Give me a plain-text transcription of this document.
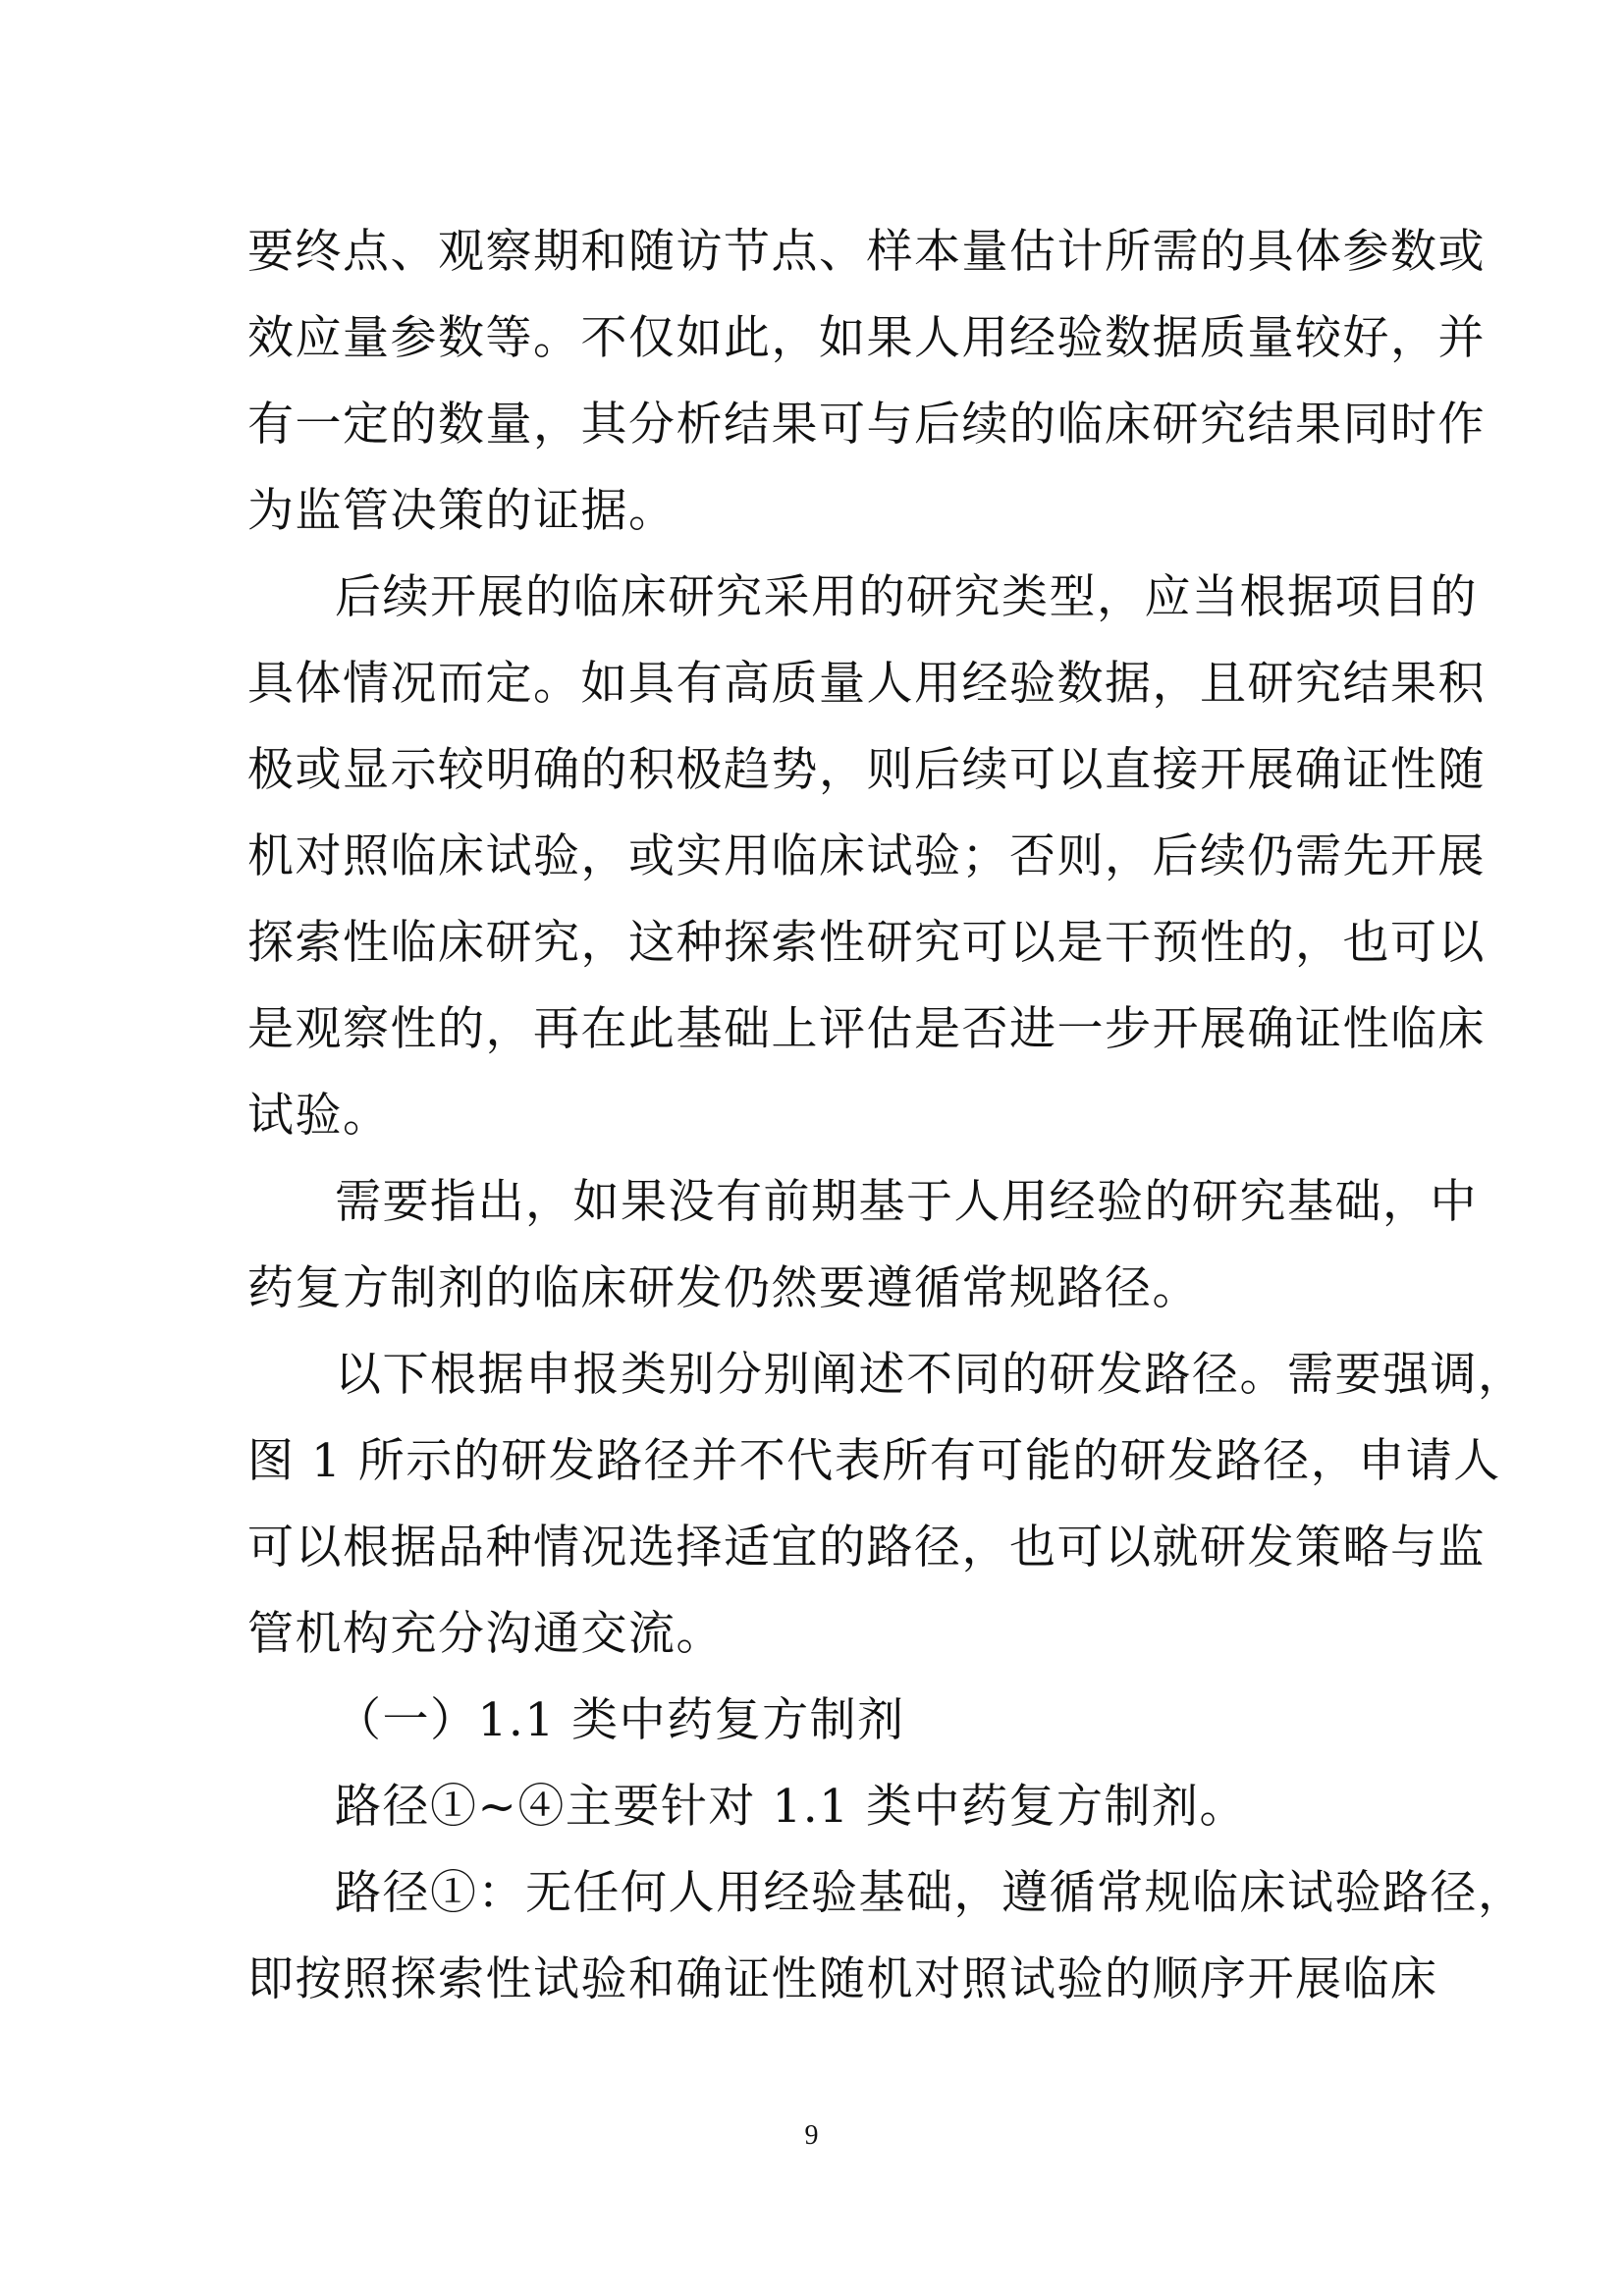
要终点、观察期和随访节点、样本量估计所需的具体参数或
效应量参数等。不仅如此，如果人用经验数据质量较好，并
有一定的数量，其分析结果可与后续的临床研究结果同时作
为监管决策的证据。
后续开展的临床研究采用的研究类型，应当根据项目的
具体情况而定。如具有高质量人用经验数据，且研究结果积
极或显示较明确的积极趋势，则后续可以直接开展确证性随
机对照临床试验，或实用临床试验；否则，后续仍需先开展
探索性临床研究，这种探索性研究可以是干预性的，也可以
是观察性的，再在此基础上评估是否进一步开展确证性临床
试验。
需要指出，如果没有前期基于人用经验的研究基础，中
药复方制剂的临床研发仍然要遵循常规路径。
以下根据申报类别分别阐述不同的研发路径。需要强调，
图 1 所示的研发路径并不代表所有可能的研发路径，申请人
可以根据品种情况选择适宜的路径，也可以就研发策略与监
管机构充分沟通交流。
（一）1.1 类中药复方制剂
路径①~④主要针对 1.1 类中药复方制剂。
路径①：无任何人用经验基础，遵循常规临床试验路径，
即按照探索性试验和确证性随机对照试验的顺序开展临床
9
